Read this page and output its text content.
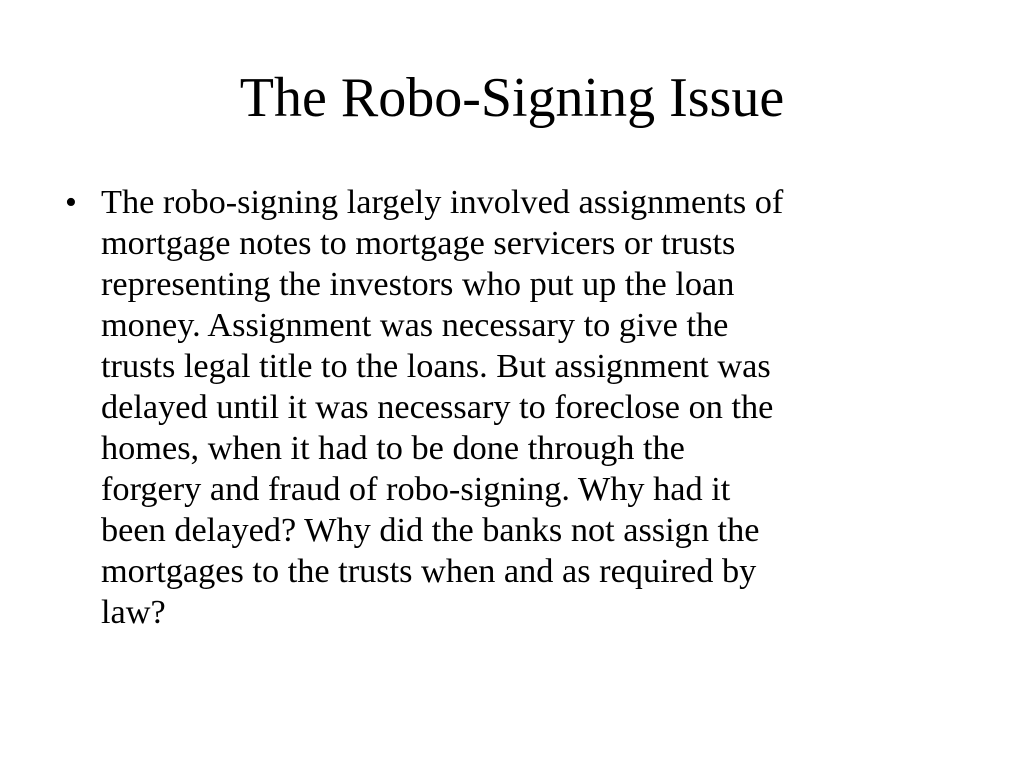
The Robo-Signing Issue
• The robo-signing largely involved assignments of
mortgage notes to mortgage servicers or trusts
representing the investors who put up the loan
money. Assignment was necessary to give the
trusts legal title to the loans. But assignment was
delayed until it was necessary to foreclose on the
homes, when it had to be done through the
forgery and fraud of robo-signing. Why had it
been delayed? Why did the banks not assign the
mortgages to the trusts when and as required by
law?
